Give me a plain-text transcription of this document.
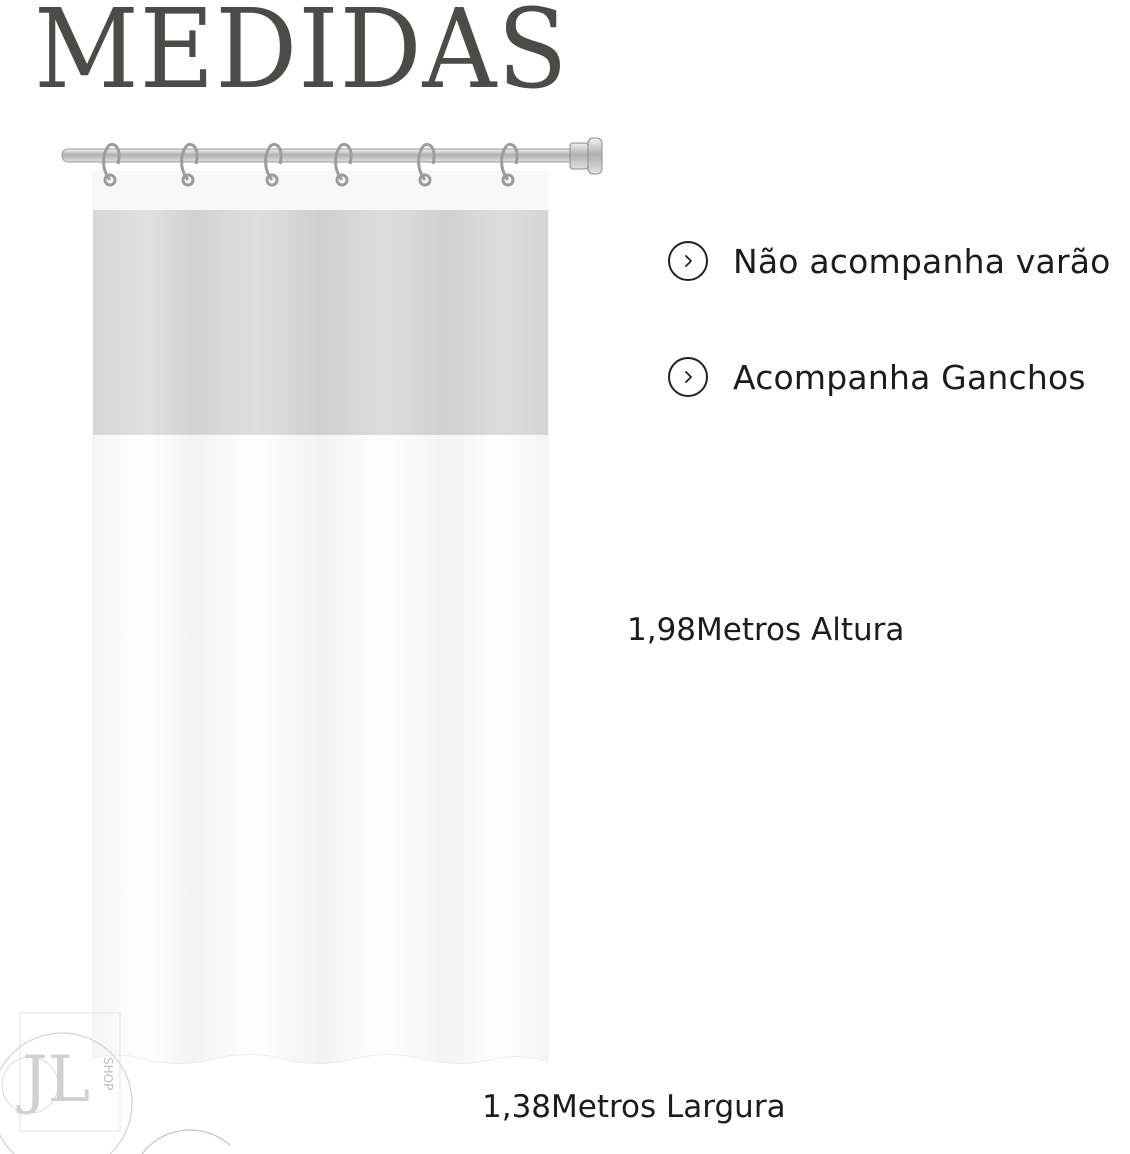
MEDIDAS
Não acompanha varão
Acompanha Ganchos
1,98Metros Altura
1,38Metros Largura
JL SHOP
